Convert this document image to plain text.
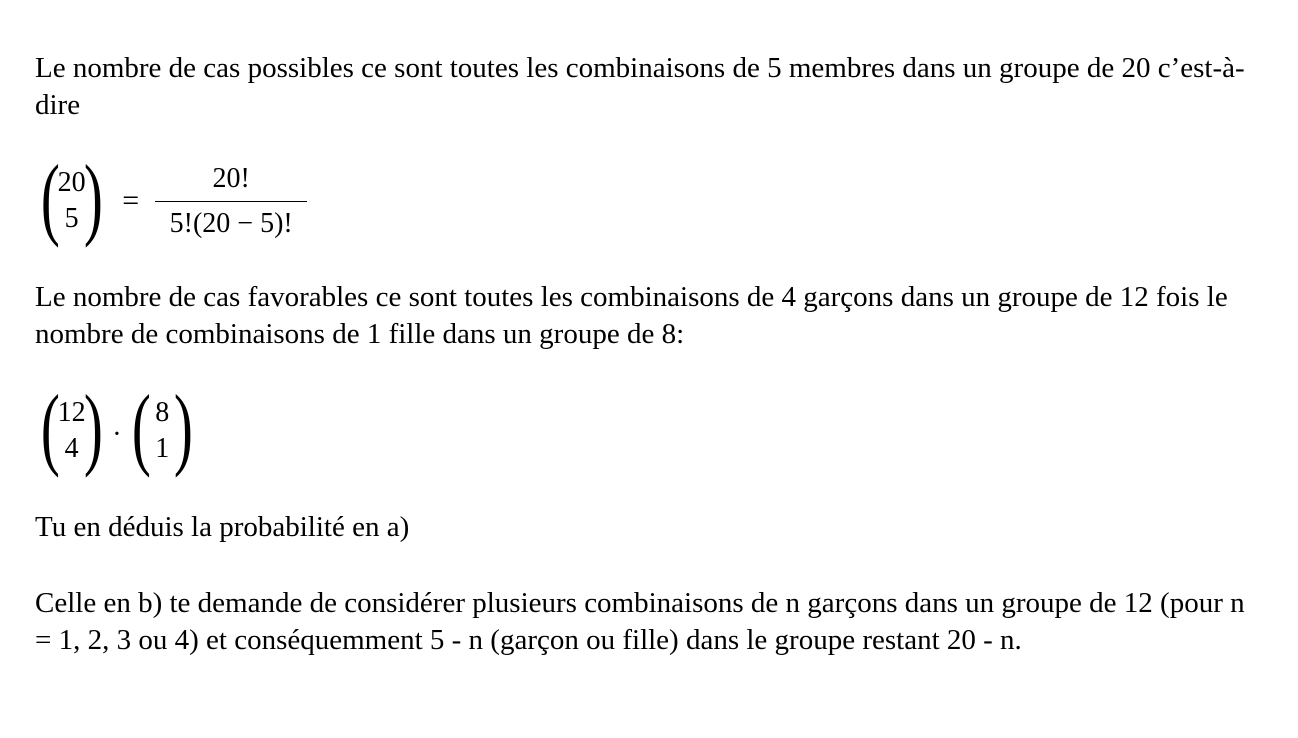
Le nombre de cas possibles ce sont toutes les combinaisons de 5 membres dans un groupe de 20 c’est-à-dire

(
20
5 ) = $\frac{20!}{5!(20 - 5)!}$

Le nombre de cas favorables ce sont toutes les combinaisons de 4 garçons dans un groupe de 12 fois le nombre de combinaisons de 1 fille dans un groupe de 8:

(
12
4 ) · ( 8
1 )

Tu en déduis la probabilité en a)

Celle en b) te demande de considérer plusieurs combinaisons de n garçons dans un groupe de 12 (pour n = 1, 2, 3 ou 4) et conséquemment 5 - n (garçon ou fille) dans le groupe restant 20 - n.
